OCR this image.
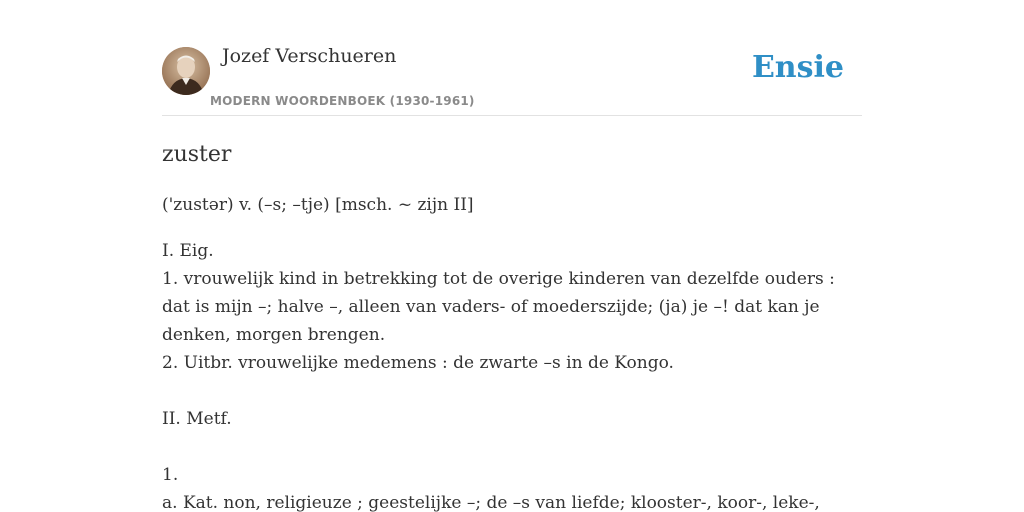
Jozef Verschueren
MODERN WOORDENBOEK (1930-1961)
Ensie
zuster
('zustər) v. (–s; –tje) [msch. ~ zijn II]
I. Eig.
1. vrouwelijk kind in betrekking tot de overige kinderen van dezelfde ouders : dat is mijn –; halve –, alleen van vaders- of moederszijde; (ja) je –! dat kan je denken, morgen brengen.
2. Uitbr. vrouwelijke medemens : de zwarte –s in de Kongo.
II. Metf.
1.
a. Kat. non, religieuze ; geestelijke –; de –s van liefde; klooster-, koor-, leke-,
